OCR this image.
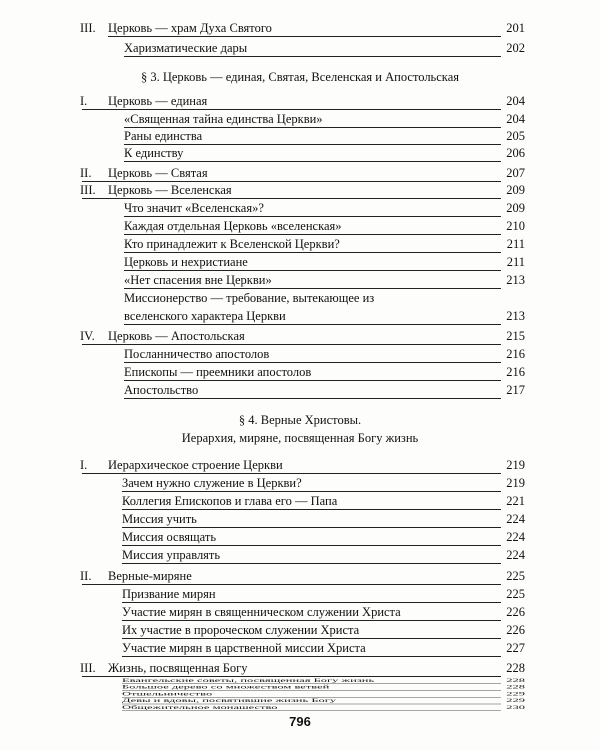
III. Церковь — храм Духа Святого	201
Харизматические дары	202
§ 3. Церковь — единая, Святая, Вселенская и Апостольская
I. Церковь — единая	204
«Священная тайна единства Церкви»	204
Раны единства	205
К единству	206
II. Церковь — Святая	207
III. Церковь — Вселенская	209
Что значит «Вселенская»?	209
Каждая отдельная Церковь «вселенская»	210
Кто принадлежит к Вселенской Церкви?	211
Церковь и нехристиане	211
«Нет спасения вне Церкви»	213
Миссионерство — требование, вытекающее из
вселенского характера Церкви	213
IV. Церковь — Апостольская	215
Посланничество апостолов	216
Епископы — преемники апостолов	216
Апостольство	217
§ 4. Верные Христовы.
Иерархия, миряне, посвященная Богу жизнь
I. Иерархическое строение Церкви	219
Зачем нужно служение в Церкви?	219
Коллегия Епископов и глава его — Папа	221
Миссия учить	224
Миссия освящать	224
Миссия управлять	224
II. Верные-миряне	225
Призвание мирян	225
Участие мирян в священническом служении Христа	226
Их участие в пророческом служении Христа	226
Участие мирян в царственной миссии Христа	227
III. Жизнь, посвященная Богу	228
796
Евангельские советы, посвященная Богу жизнь	228
Большое дерево со множеством ветвей	228
Отшельничество	229
Девы и вдовы, посвятившие жизнь Богу	229
Общежительное монашество	230
